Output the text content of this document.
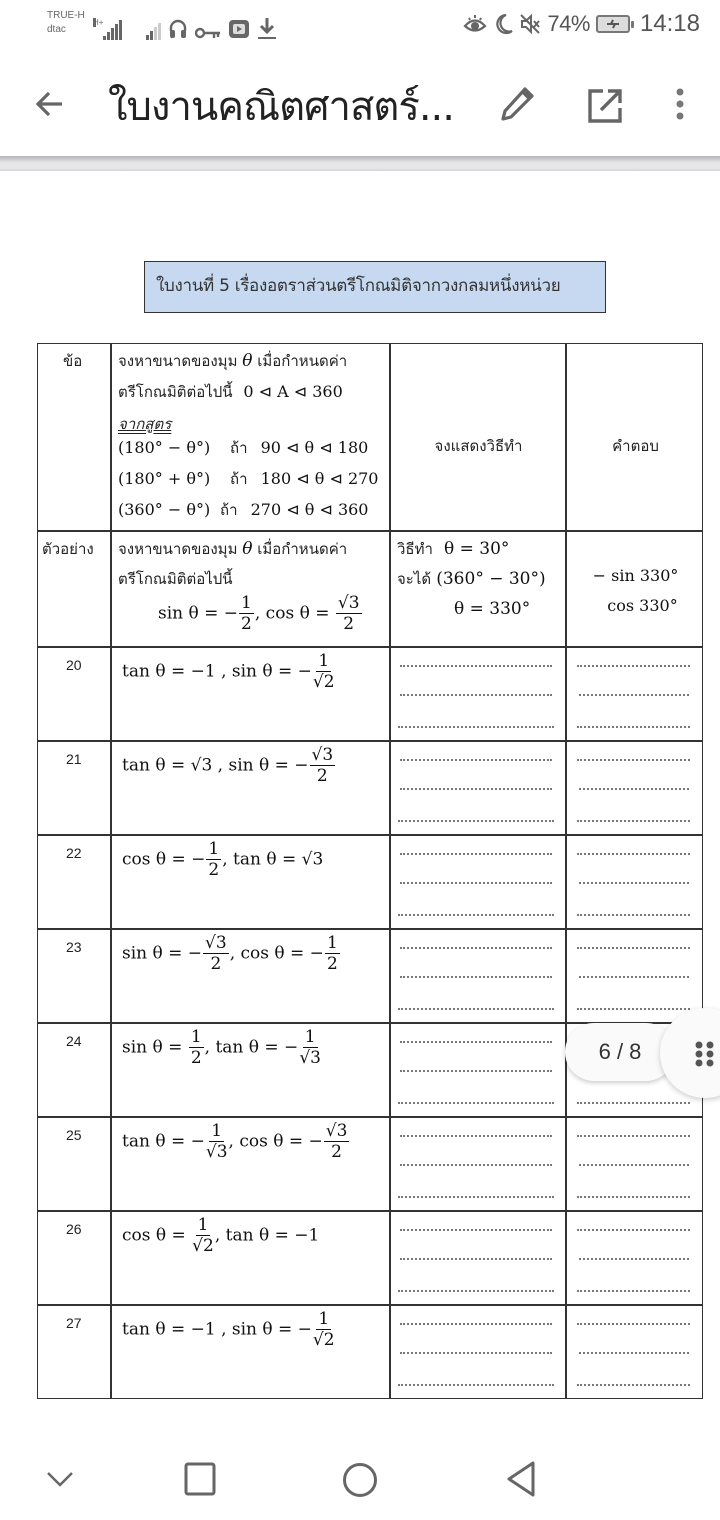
TRUE-H
dtac
H+	74% 14:18
ใบงานคณิตศาสตร์...
ใบงานที่ 5 เรื่องอตราส่วนตรีโกณมิติจากวงกลมหนึ่งหน่วย
ข้อ จงหาขนาดของมุม θ เมื่อกำหนดค่า
ตรีโกณมิติต่อไปนี้ 0 ⊲ A ⊲ 360
จากสูตร
(180° − θ°) ถ้า 90 ⊲ θ ⊲ 180
(180° + θ°) ถ้า 180 ⊲ θ ⊲ 270
(360° − θ°) ถ้า 270 ⊲ θ ⊲ 360
จงแสดงวิธีทำ	คำตอบ
ตัวอย่าง จงหาขนาดของมุม θ เมื่อกำหนดค่า
ตรีโกณมิติต่อไปนี้
sin θ = − $\frac{1}{2}$ , $\cos \theta = \frac{√3}{2}$
วิธีทำ θ = 30°
จะได้ (360° − 30°)
θ = 330°
− sin 330°
cos 330°
20 tan θ = −1 , sin θ = − $\frac{1}{√2}$
21 tan θ = √3 , sin θ = − $\frac{√3}{2}$
22 cos θ = − $\frac{1}{2}$ , tan θ = √3
23 sin θ = − $\frac{√3}{2}$ , cos θ = − $\frac{1}{2}$
24 $\sin \theta = \frac{1}{2}$ , tan θ = − $\frac{1}{√3}$
25 tan θ = − $\frac{1}{√3}$ , cos θ = − $\frac{√3}{2}$
26 $\cos \theta = \frac{1}{√2}$ , tan θ = −1
27 tan θ = −1 , sin θ = − $\frac{1}{√2}$
6 / 8
